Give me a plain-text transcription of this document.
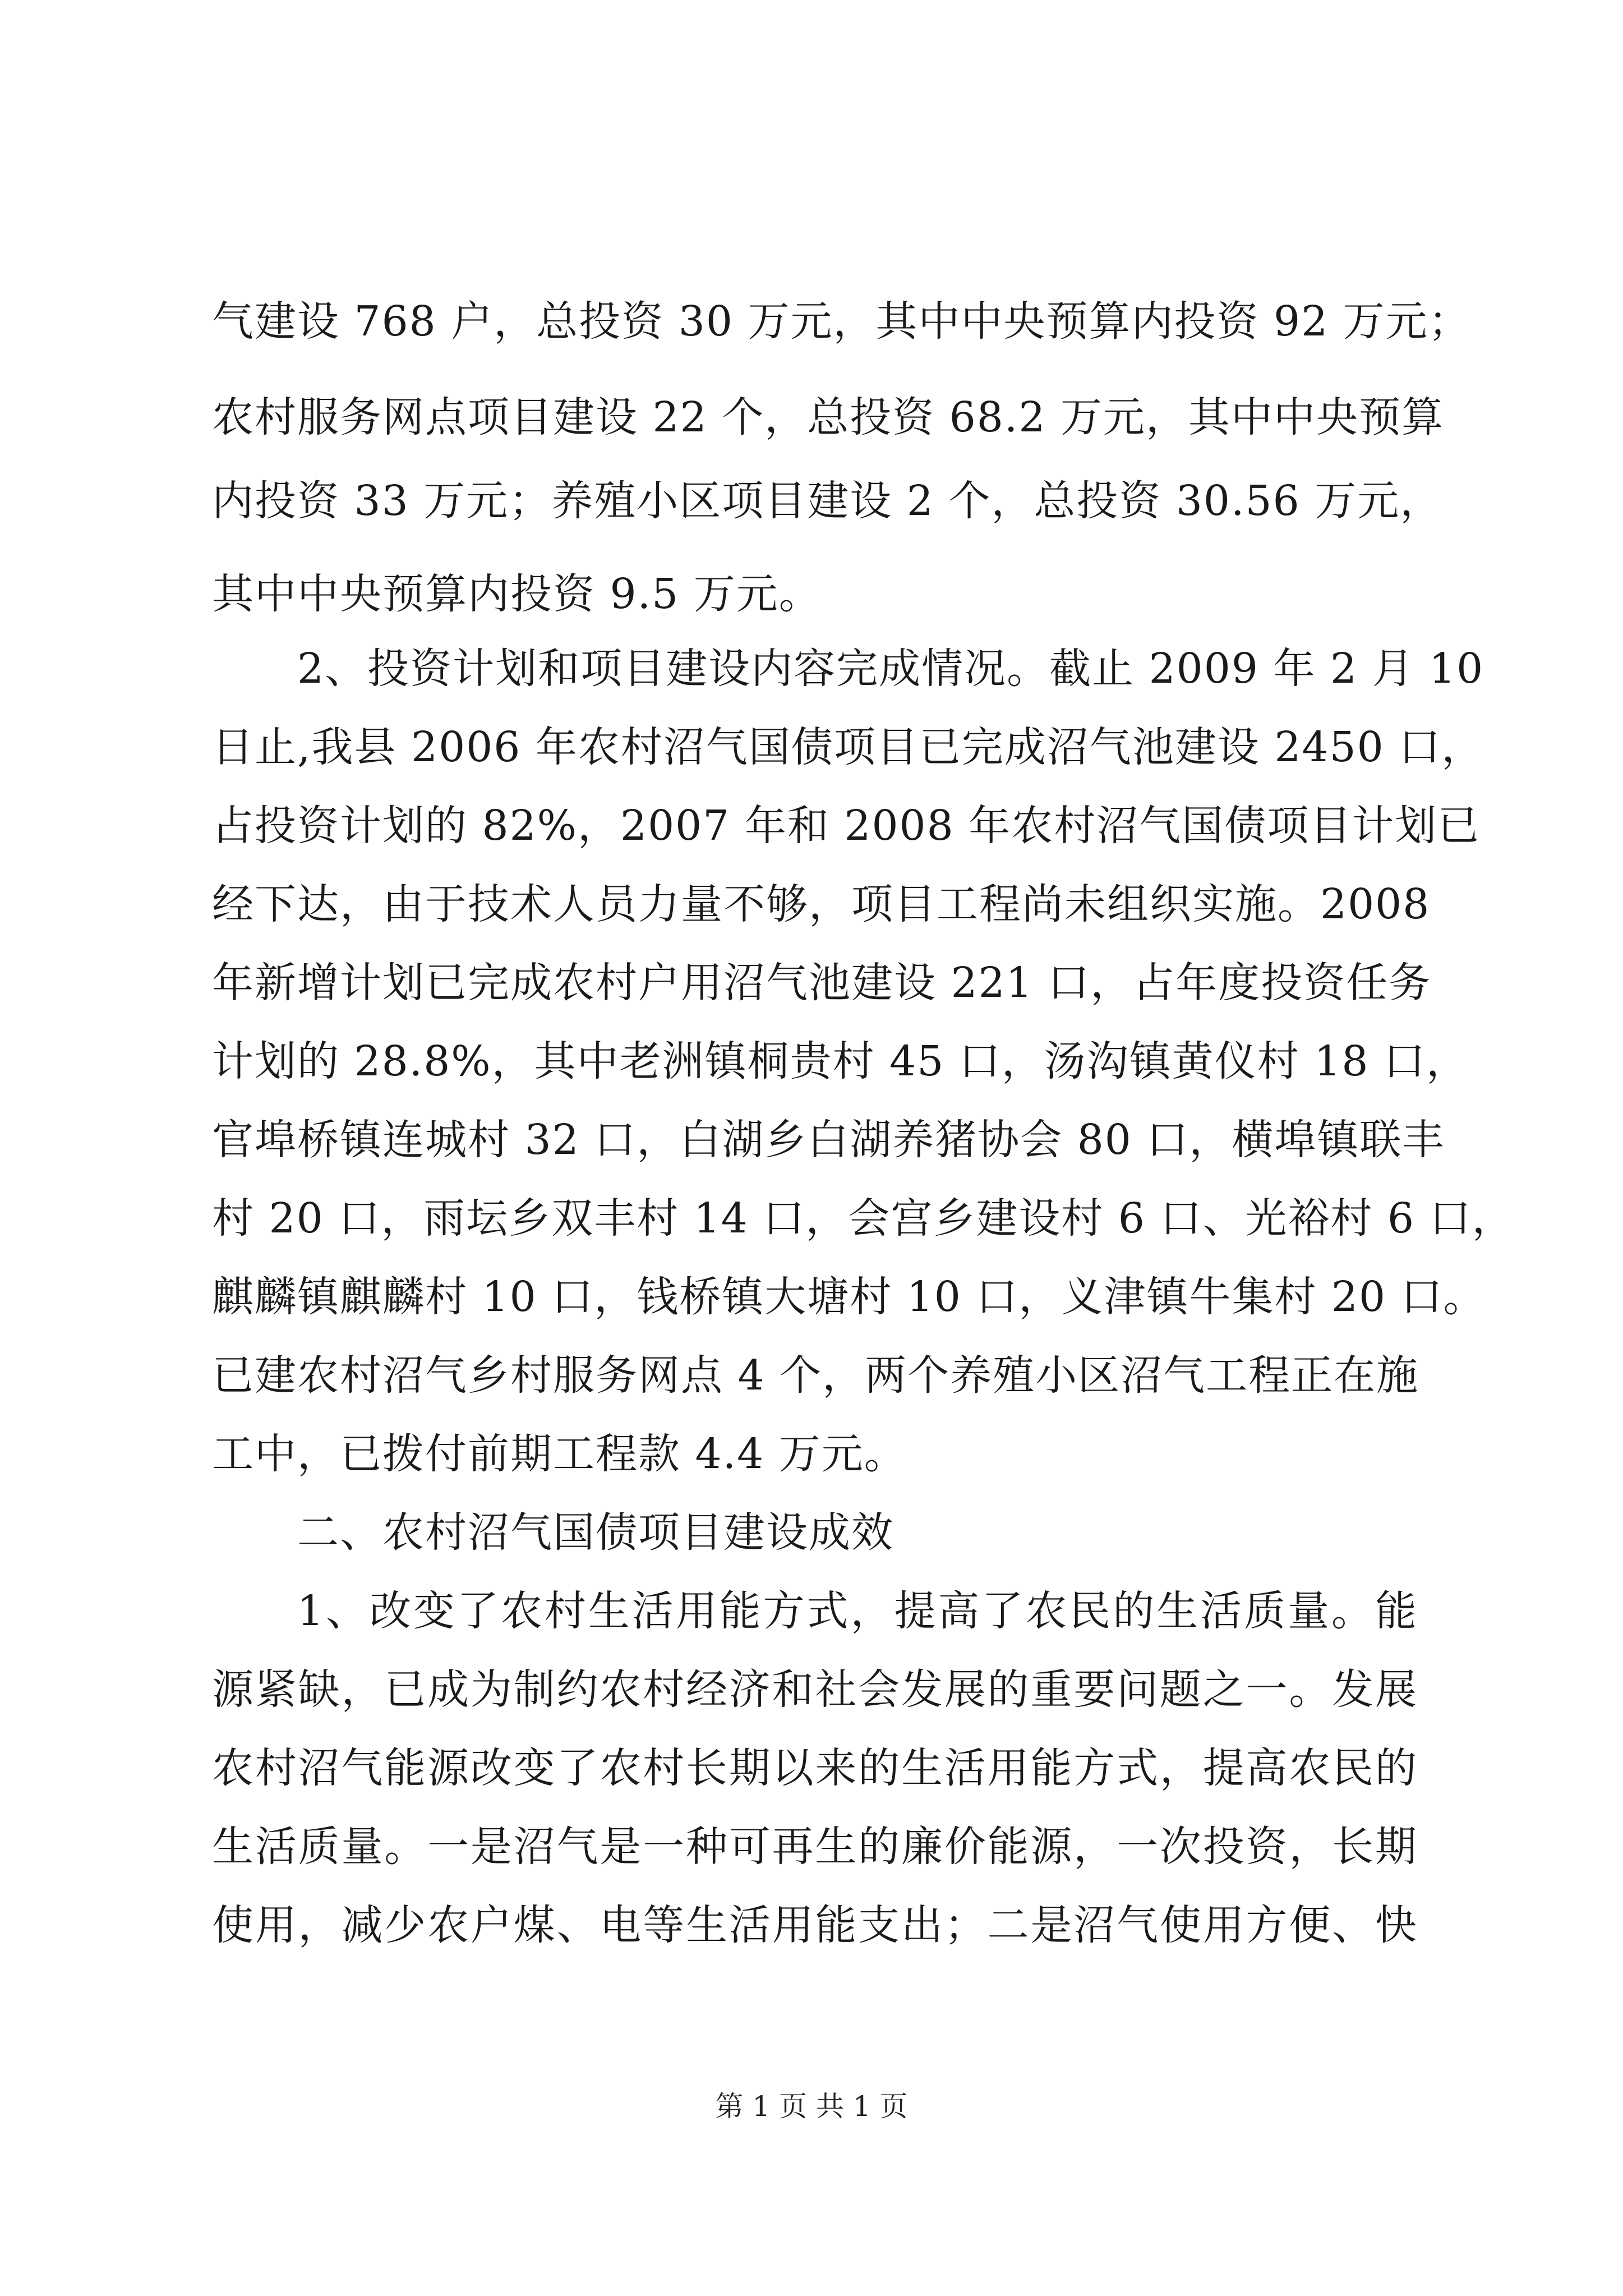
气建设 768 户，总投资 30 万元，其中中央预算内投资 92 万元；
农村服务网点项目建设 22 个，总投资 68.2 万元，其中中央预算
内投资 33 万元；养殖小区项目建设 2 个，总投资 30.56 万元，
其中中央预算内投资 9.5 万元。
2、投资计划和项目建设内容完成情况。截止 2009 年 2 月 10
日止,我县 2006 年农村沼气国债项目已完成沼气池建设 2450 口，
占投资计划的 82%，2007 年和 2008 年农村沼气国债项目计划已
经下达，由于技术人员力量不够，项目工程尚未组织实施。2008
年新增计划已完成农村户用沼气池建设 221 口，占年度投资任务
计划的 28.8%，其中老洲镇桐贵村 45 口，汤沟镇黄仪村 18 口，
官埠桥镇连城村 32 口，白湖乡白湖养猪协会 80 口，横埠镇联丰
村 20 口，雨坛乡双丰村 14 口，会宫乡建设村 6 口、光裕村 6 口，
麒麟镇麒麟村 10 口，钱桥镇大塘村 10 口，义津镇牛集村 20 口。
已建农村沼气乡村服务网点 4 个，两个养殖小区沼气工程正在施
工中，已拨付前期工程款 4.4 万元。
二、农村沼气国债项目建设成效
1、改变了农村生活用能方式，提高了农民的生活质量。能
源紧缺，已成为制约农村经济和社会发展的重要问题之一。发展
农村沼气能源改变了农村长期以来的生活用能方式，提高农民的
生活质量。一是沼气是一种可再生的廉价能源，一次投资，长期
使用，减少农户煤、电等生活用能支出；二是沼气使用方便、快
第 1 页 共 1 页
